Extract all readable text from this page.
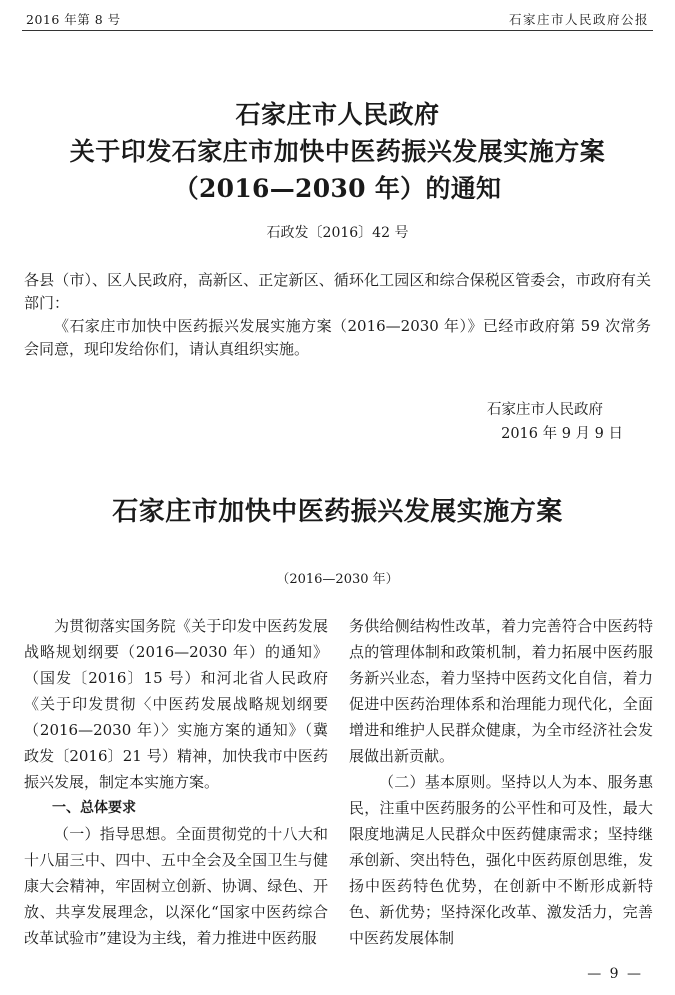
2016 年第 8 号	石家庄市人民政府公报
石家庄市人民政府
关于印发石家庄市加快中医药振兴发展实施方案
（2016—2030 年）的通知
石政发〔2016〕42 号

各县（市）、区人民政府，高新区、正定新区、循环化工园区和综合保税区管委会，市政府有关部门：

《石家庄市加快中医药振兴发展实施方案（2016—2030 年）》已经市政府第 59 次常务会同意，现印发给你们，请认真组织实施。

石家庄市人民政府
2016 年 9 月 9 日
石家庄市加快中医药振兴发展实施方案
（2016—2030 年）

为贯彻落实国务院《关于印发中医药发展战略规划纲要（2016—2030 年）的通知》（国发〔2016〕15 号）和河北省人民政府《关于印发贯彻〈中医药发展战略规划纲要（2016—2030 年）〉实施方案的通知》（冀政发〔2016〕21 号）精神，加快我市中医药振兴发展，制定本实施方案。

一、总体要求

（一）指导思想。全面贯彻党的十八大和十八届三中、四中、五中全会及全国卫生与健康大会精神，牢固树立创新、协调、绿色、开放、共享发展理念，以深化“国家中医药综合改革试验市”建设为主线，着力推进中医药服

— 9 —

务供给侧结构性改革，着力完善符合中医药特点的管理体制和政策机制，着力拓展中医药服务新兴业态，着力坚持中医药文化自信，着力促进中医药治理体系和治理能力现代化，全面增进和维护人民群众健康，为全市经济社会发展做出新贡献。

（二）基本原则。坚持以人为本、服务惠民，注重中医药服务的公平性和可及性，最大限度地满足人民群众中医药健康需求；坚持继承创新、突出特色，强化中医药原创思维，发扬中医药特色优势，在创新中不断形成新特色、新优势；坚持深化改革、激发活力，完善中医药发展体制
